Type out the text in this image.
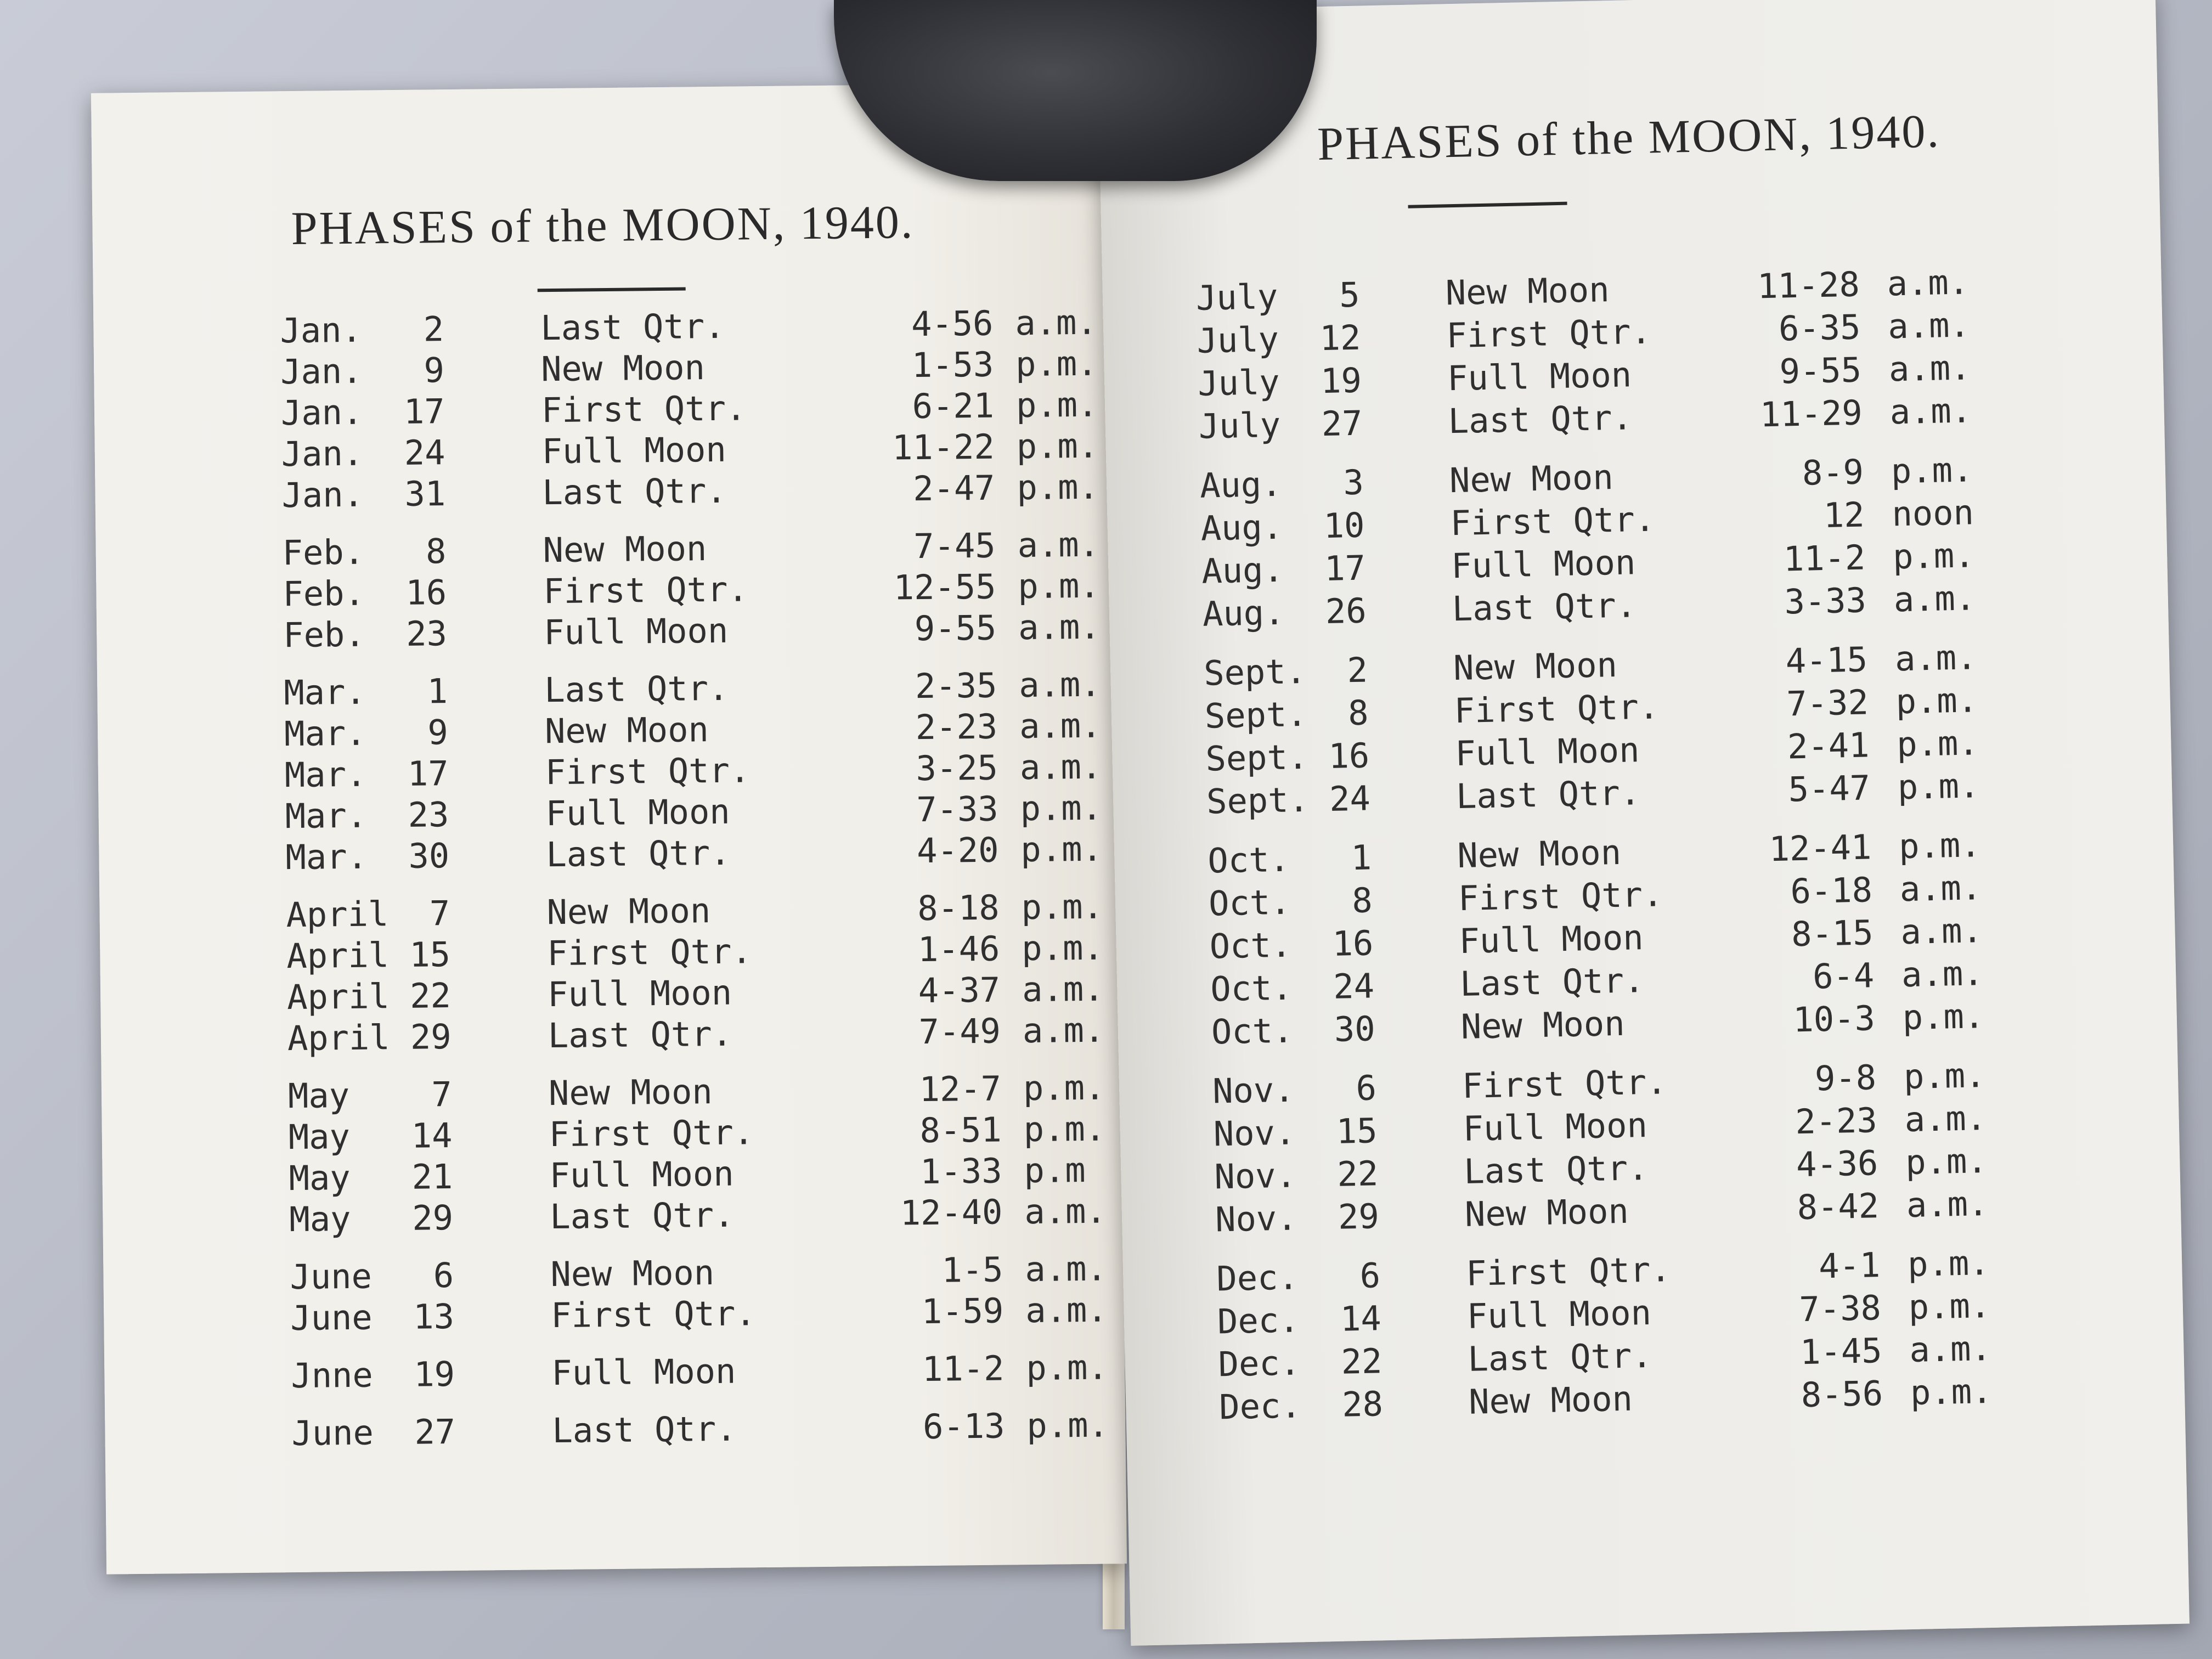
PHASES of the MOON, 1940.
Jan.   2	Last Qtr.	4-56 a.m.
Jan.   9	New Moon	1-53 p.m.
Jan.  17	First Qtr.	6-21 p.m.
Jan.  24	Full Moon	11-22 p.m.
Jan.  31	Last Qtr.	2-47 p.m.
Feb.   8	New Moon	7-45 a.m.
Feb.  16	First Qtr.	12-55 p.m.
Feb.  23	Full Moon	9-55 a.m.
Mar.   1	Last Qtr.	2-35 a.m.
Mar.   9	New Moon	2-23 a.m.
Mar.  17	First Qtr.	3-25 a.m.
Mar.  23	Full Moon	7-33 p.m.
Mar.  30	Last Qtr.	4-20 p.m.
April  7	New Moon	8-18 p.m.
April 15	First Qtr.	1-46 p.m.
April 22	Full Moon	4-37 a.m.
April 29	Last Qtr.	7-49 a.m.
May    7	New Moon	12-7 p.m.
May   14	First Qtr.	8-51 p.m.
May   21	Full Moon	1-33 p.m
May   29	Last Qtr.	12-40 a.m.
June   6	New Moon	1-5 a.m.
June  13	First Qtr.	1-59 a.m.
Jnne  19	Full Moon	11-2 p.m.
June  27	Last Qtr.	6-13 p.m.
PHASES of the MOON, 1940.
July   5 New Moon	11-28 a.m.
July  12 First Qtr.	6-35 a.m.
July  19 Full Moon	9-55 a.m.
July  27 Last Qtr.	11-29 a.m.
Aug.   3 New Moon	8-9 p.m.
Aug.  10 First Qtr.	12 noon
Aug.  17 Full Moon	11-2 p.m.
Aug.  26 Last Qtr.	3-33 a.m.
Sept.  2 New Moon	4-15 a.m.
Sept.  8 First Qtr.	7-32 p.m.
Sept. 16 Full Moon	2-41 p.m.
Sept. 24 Last Qtr.	5-47 p.m.
Oct.   1 New Moon	12-41 p.m.
Oct.   8 First Qtr.	6-18 a.m.
Oct.  16 Full Moon	8-15 a.m.
Oct.  24 Last Qtr.	6-4 a.m.
Oct.  30 New Moon	10-3 p.m.
Nov.   6 First Qtr.	9-8 p.m.
Nov.  15 Full Moon	2-23 a.m.
Nov.  22 Last Qtr.	4-36 p.m.
Nov.  29 New Moon	8-42 a.m.
Dec.   6 First Qtr.	4-1 p.m.
Dec.  14 Full Moon	7-38 p.m.
Dec.  22 Last Qtr.	1-45 a.m.
Dec.  28 New Moon	8-56 p.m.
